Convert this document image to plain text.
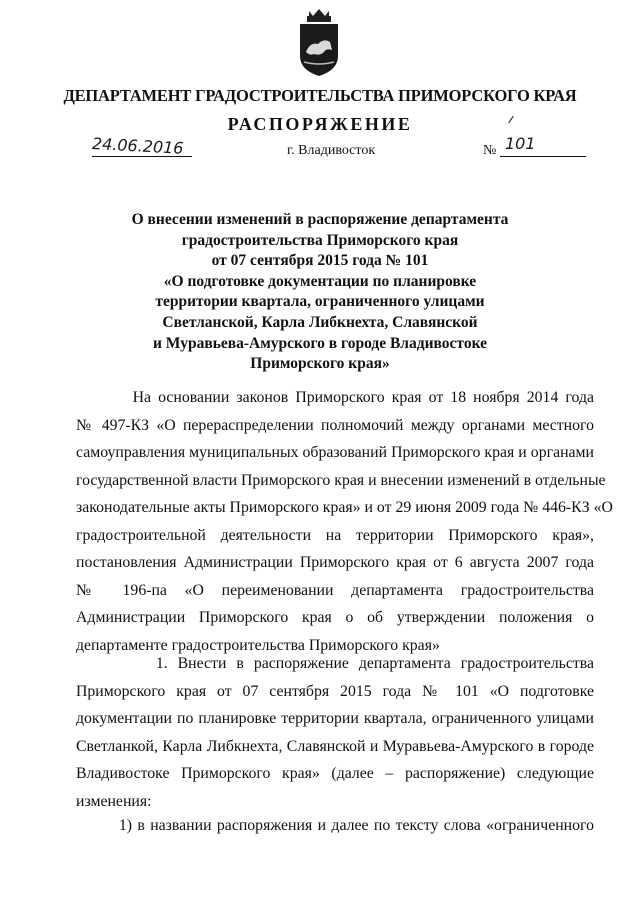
ДЕПАРТАМЕНТ ГРАДОСТРОИТЕЛЬСТВА ПРИМОРСКОГО КРАЯ
РАСПОРЯЖЕНИЕ
24.06.2016	г. Владивосток	№ 101
О внесении изменений в распоряжение департамента
градостроительства Приморского края
от 07 сентября 2015 года № 101
«О подготовке документации по планировке
территории квартала, ограниченного улицами
Светланской, Карла Либкнехта, Славянской
и Муравьева-Амурского в городе Владивостоке
Приморского края»
На основании законов Приморского края от 18 ноября 2014 года
№ 497-КЗ «О перераспределении полномочий между органами местного
самоуправления муниципальных образований Приморского края и органами
государственной власти Приморского края и внесении изменений в отдельные
законодательные акты Приморского края» и от 29 июня 2009 года № 446-КЗ «О
градостроительной деятельности на территории Приморского края»,
постановления Администрации Приморского края от 6 августа 2007 года
№ 196-па «О переименовании департамента градостроительства
Администрации Приморского края о об утверждении положения о
департаменте градостроительства Приморского края»
1. Внести в распоряжение департамента градостроительства
Приморского края от 07 сентября 2015 года № 101 «О подготовке
документации по планировке территории квартала, ограниченного улицами
Светланкой, Карла Либкнехта, Славянской и Муравьева-Амурского в городе
Владивостоке Приморского края» (далее – распоряжение) следующие
изменения:
1) в названии распоряжения и далее по тексту слова «ограниченного
